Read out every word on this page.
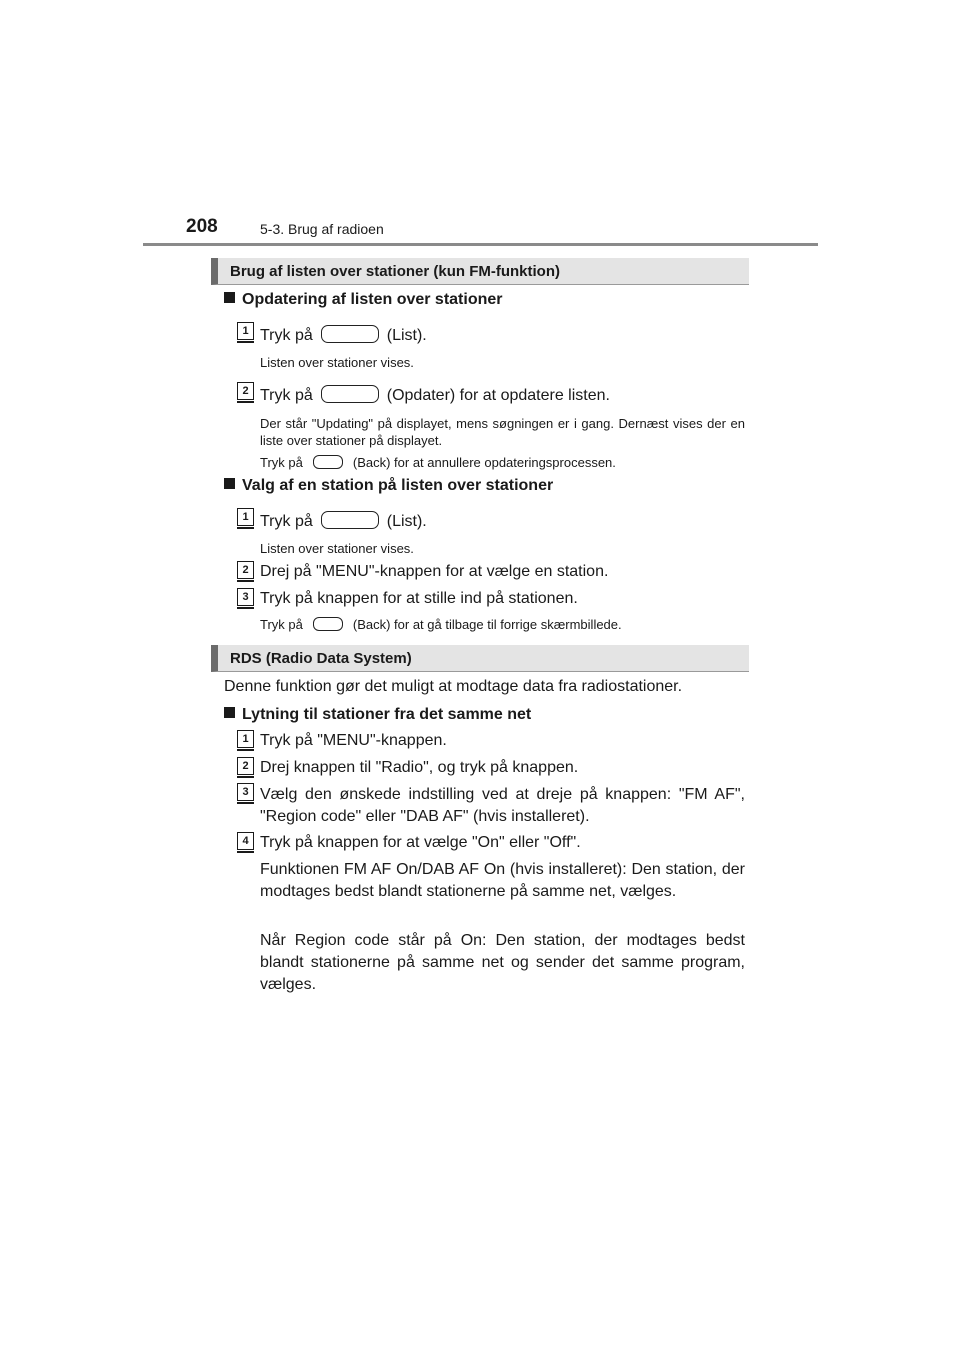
208	5-3. Brug af radioen
Brug af listen over stationer (kun FM-funktion)
Opdatering af listen over stationer
1 Tryk på	(List).
Listen over stationer vises.
2 Tryk på	(Opdater) for at opdatere listen.
Der står "Updating" på displayet, mens søgningen er i gang. Dernæst vises der en liste over stationer på displayet.
Tryk på	(Back) for at annullere opdateringsprocessen.
Valg af en station på listen over stationer
1 Tryk på	(List).
Listen over stationer vises.
2 Drej på "MENU"-knappen for at vælge en station.
3 Tryk på knappen for at stille ind på stationen.
Tryk på	(Back) for at gå tilbage til forrige skærmbillede.
RDS (Radio Data System)
Denne funktion gør det muligt at modtage data fra radiostationer.
Lytning til stationer fra det samme net
1 Tryk på "MENU"-knappen.
2 Drej knappen til "Radio", og tryk på knappen.
3 Vælg den ønskede indstilling ved at dreje på knappen: "FM AF", "Region code" eller "DAB AF" (hvis installeret).
4 Tryk på knappen for at vælge "On" eller "Off".
Funktionen FM AF On/DAB AF On (hvis installeret): Den station, der modtages bedst blandt stationerne på samme net, vælges.
Når Region code står på On: Den station, der modtages bedst blandt stationerne på samme net og sender det samme program, vælges.
